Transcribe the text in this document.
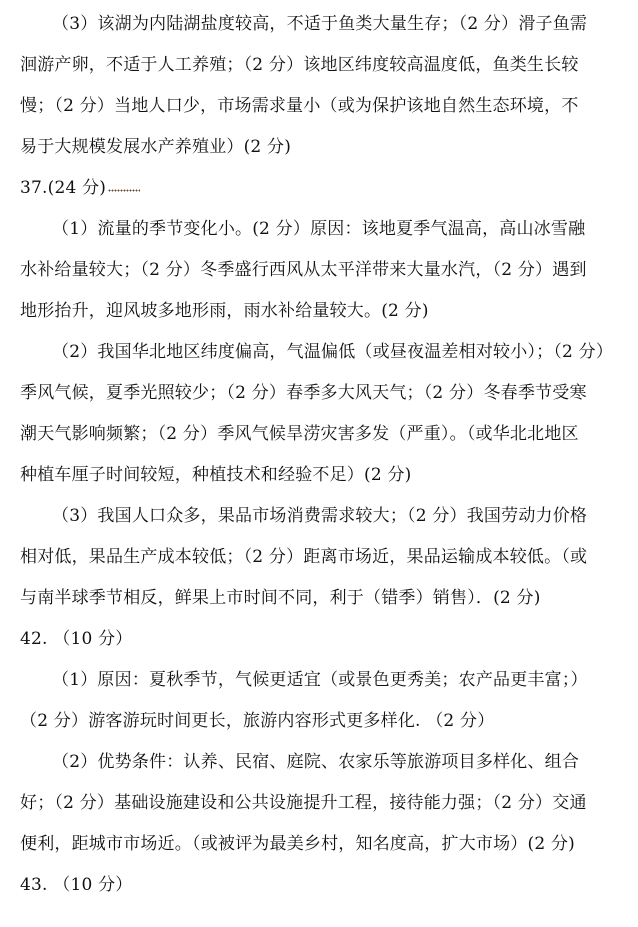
（3）该湖为内陆湖盐度较高，不适于鱼类大量生存；（2 分）滑子鱼需
洄游产卵，不适于人工养殖；（2 分）该地区纬度较高温度低，鱼类生长较
慢；（2 分）当地人口少，市场需求量小（或为保护该地自然生态环境，不
易于大规模发展水产养殖业）(2 分)
37.(24 分)
（1）流量的季节变化小。(2 分）原因：该地夏季气温高，高山冰雪融
水补给量较大；（2 分）冬季盛行西风从太平洋带来大量水汽，（2 分）遇到
地形抬升，迎风坡多地形雨，雨水补给量较大。(2 分)
（2）我国华北地区纬度偏高，气温偏低（或昼夜温差相对较小）；（2 分）
季风气候，夏季光照较少；（2 分）春季多大风天气；（2 分）冬春季节受寒
潮天气影响频繁；（2 分）季风气候旱涝灾害多发（严重）。（或华北北地区
种植车厘子时间较短，种植技术和经验不足）(2 分)
（3）我国人口众多，果品市场消费需求较大；（2 分）我国劳动力价格
相对低，果品生产成本较低；（2 分）距离市场近，果品运输成本较低。（或
与南半球季节相反，鲜果上市时间不同，利于（错季）销售）．(2 分)
42. （10 分）
（1）原因：夏秋季节，气候更适宜（或景色更秀美；农产品更丰富；）
（2 分）游客游玩时间更长，旅游内容形式更多样化. （2 分）
（2）优势条件：认养、民宿、庭院、农家乐等旅游项目多样化、组合
好；（2 分）基础设施建设和公共设施提升工程，接待能力强；（2 分）交通
便利，距城市市场近。（或被评为最美乡村，知名度高，扩大市场）(2 分)
43. （10 分）
